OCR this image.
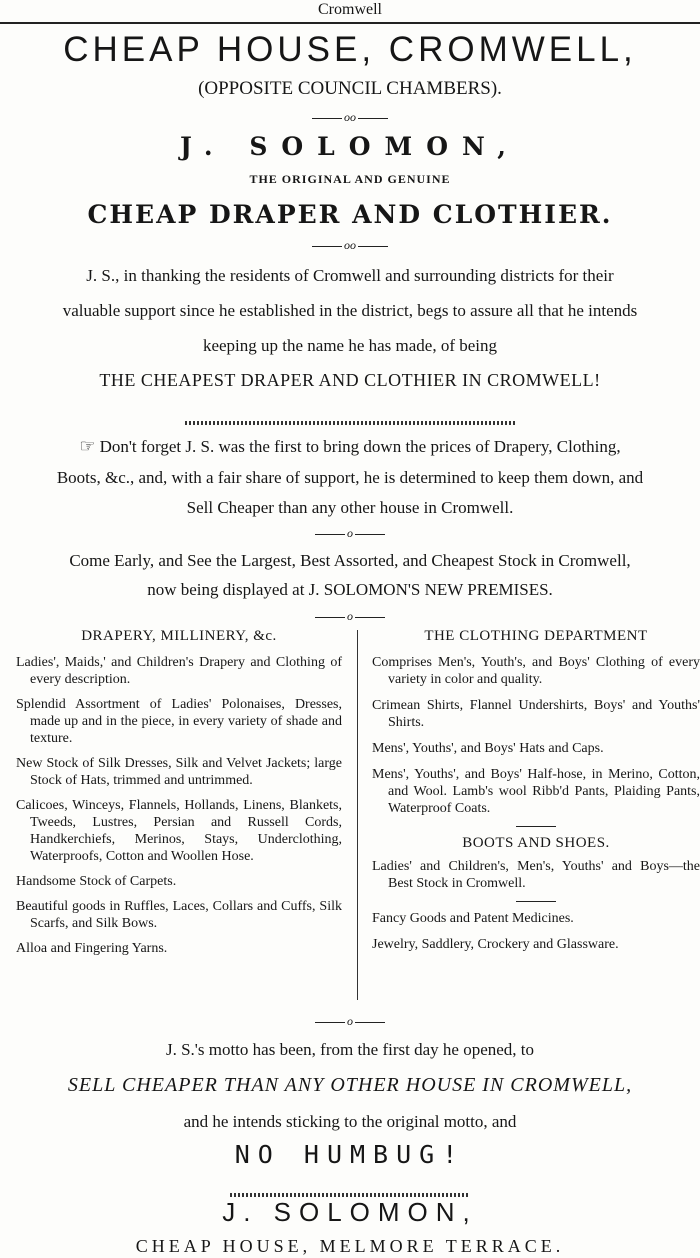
Cromwell
CHEAP HOUSE, CROMWELL,
(OPPOSITE COUNCIL CHAMBERS).
oo
J. SOLOMON,
THE ORIGINAL AND GENUINE
CHEAP DRAPER AND CLOTHIER.
oo
J. S., in thanking the residents of Cromwell and surrounding districts for their
valuable support since he established in the district, begs to assure all that he intends
keeping up the name he has made, of being
THE CHEAPEST DRAPER AND CLOTHIER IN CROMWELL!
☞ Don't forget J. S. was the first to bring down the prices of Drapery, Clothing,
Boots, &c., and, with a fair share of support, he is determined to keep them down, and
Sell Cheaper than any other house in Cromwell.
o
Come Early, and See the Largest, Best Assorted, and Cheapest Stock in Cromwell,
now being displayed at J. SOLOMON'S NEW PREMISES.
o
DRAPERY, MILLINERY, &c.
Ladies', Maids,' and Children's Drapery and Clothing of every description.
Splendid Assortment of Ladies' Polonaises, Dresses, made up and in the piece, in every variety of shade and texture.
New Stock of Silk Dresses, Silk and Velvet Jackets; large Stock of Hats, trimmed and untrimmed.
Calicoes, Winceys, Flannels, Hollands, Linens, Blankets, Tweeds, Lustres, Persian and Russell Cords, Handkerchiefs, Merinos, Stays, Underclothing, Waterproofs, Cotton and Woollen Hose.
Handsome Stock of Carpets.
Beautiful goods in Ruffles, Laces, Collars and Cuffs, Silk Scarfs, and Silk Bows.
Alloa and Fingering Yarns.
THE CLOTHING DEPARTMENT
Comprises Men's, Youth's, and Boys' Clothing of every variety in color and quality.
Crimean Shirts, Flannel Undershirts, Boys' and Youths' Shirts.
Mens', Youths', and Boys' Hats and Caps.
Mens', Youths', and Boys' Half-hose, in Merino, Cotton, and Wool. Lamb's wool Ribb'd Pants, Plaiding Pants, Waterproof Coats.
BOOTS AND SHOES.
Ladies' and Children's, Men's, Youths' and Boys—the Best Stock in Cromwell.
Fancy Goods and Patent Medicines.
Jewelry, Saddlery, Crockery and Glassware.
o
J. S.'s motto has been, from the first day he opened, to
SELL CHEAPER THAN ANY OTHER HOUSE IN CROMWELL,
and he intends sticking to the original motto, and
NO HUMBUG!
J. SOLOMON,
CHEAP HOUSE, MELMORE TERRACE.
